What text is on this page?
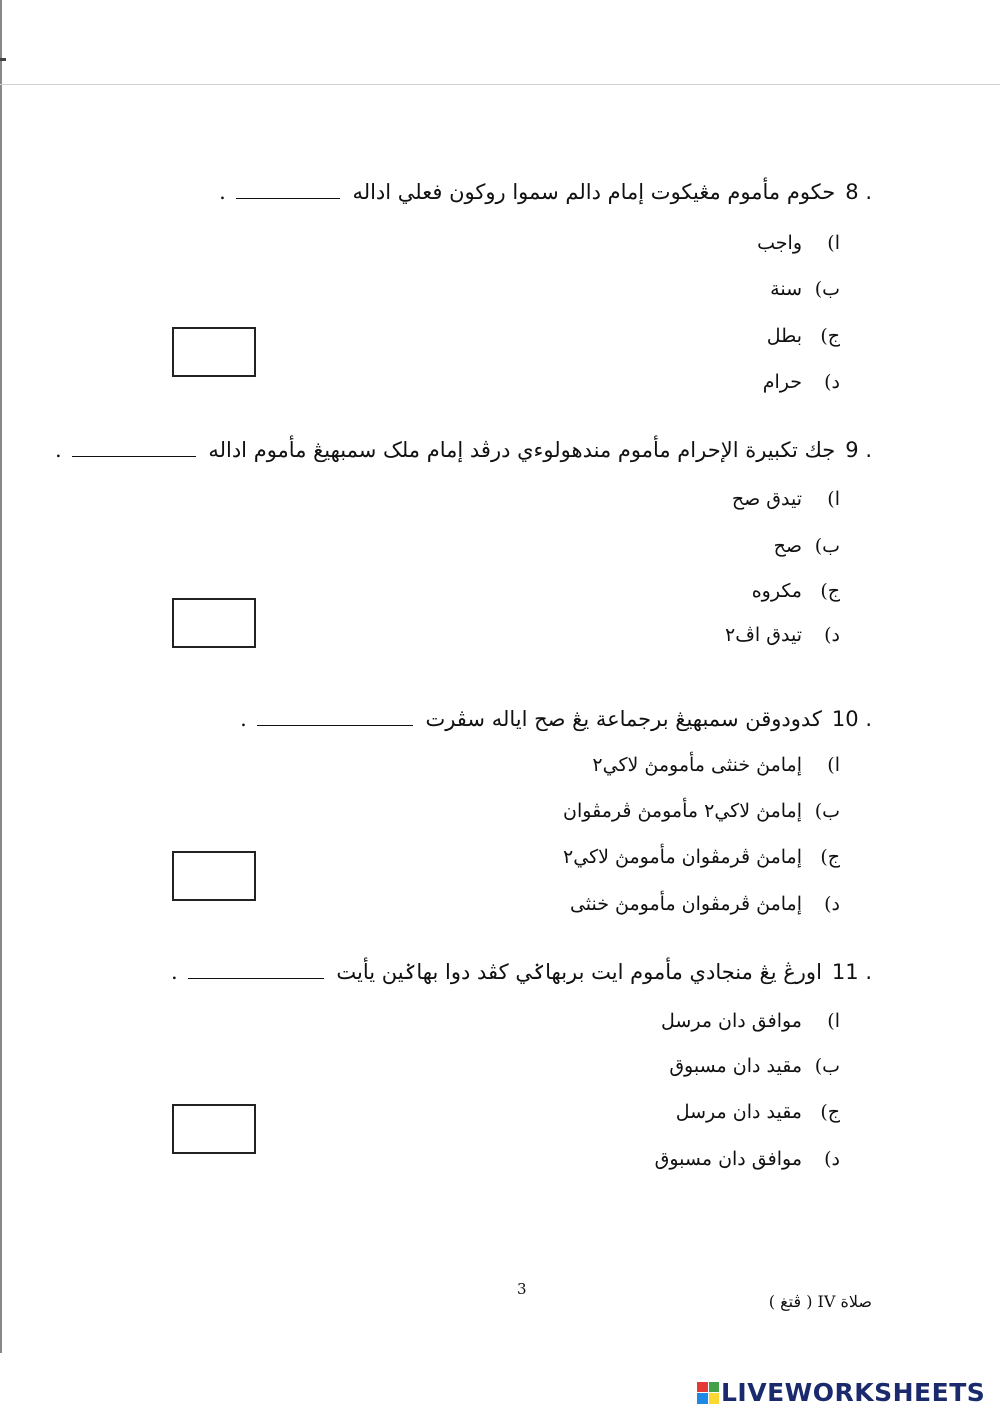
8 .حكوم مأموم مڠيكوت إمام دالم سموا روكون فعلي اداله .
ا)واجب
ب)سنة
ج)بطل
د)حرام
9 .جك تكبيرة الإحرام مأموم مندهولوءي درڤد إمام ملک سمبهيڠ مأموم اداله .
ا)تيدق صح
ب)صح
ج)مكروه
د)تيدق اڤ٢
10 .كدودوقن سمبهيڠ برجماعة يڠ صح اياله سڤرت .
ا)إمامڽ خنثى مأمومڽ لاكي٢
ب)إمامڽ لاكي٢ مأمومڽ ڤرمڤوان
ج)إمامڽ ڤرمڤوان مأمومڽ لاكي٢
د)إمامڽ ڤرمڤوان مأمومڽ خنثى
11 .اورڠ يڠ منجادي مأموم ايت بربهاݢي كڤد دوا بهاݢين يأيت .
ا)موافق دان مرسل
ب)مقيد دان مسبوق
ج)مقيد دان مرسل
د)موافق دان مسبوق
3
صلاة IV ( ڤتغ )
LIVEWORKSHEETS
